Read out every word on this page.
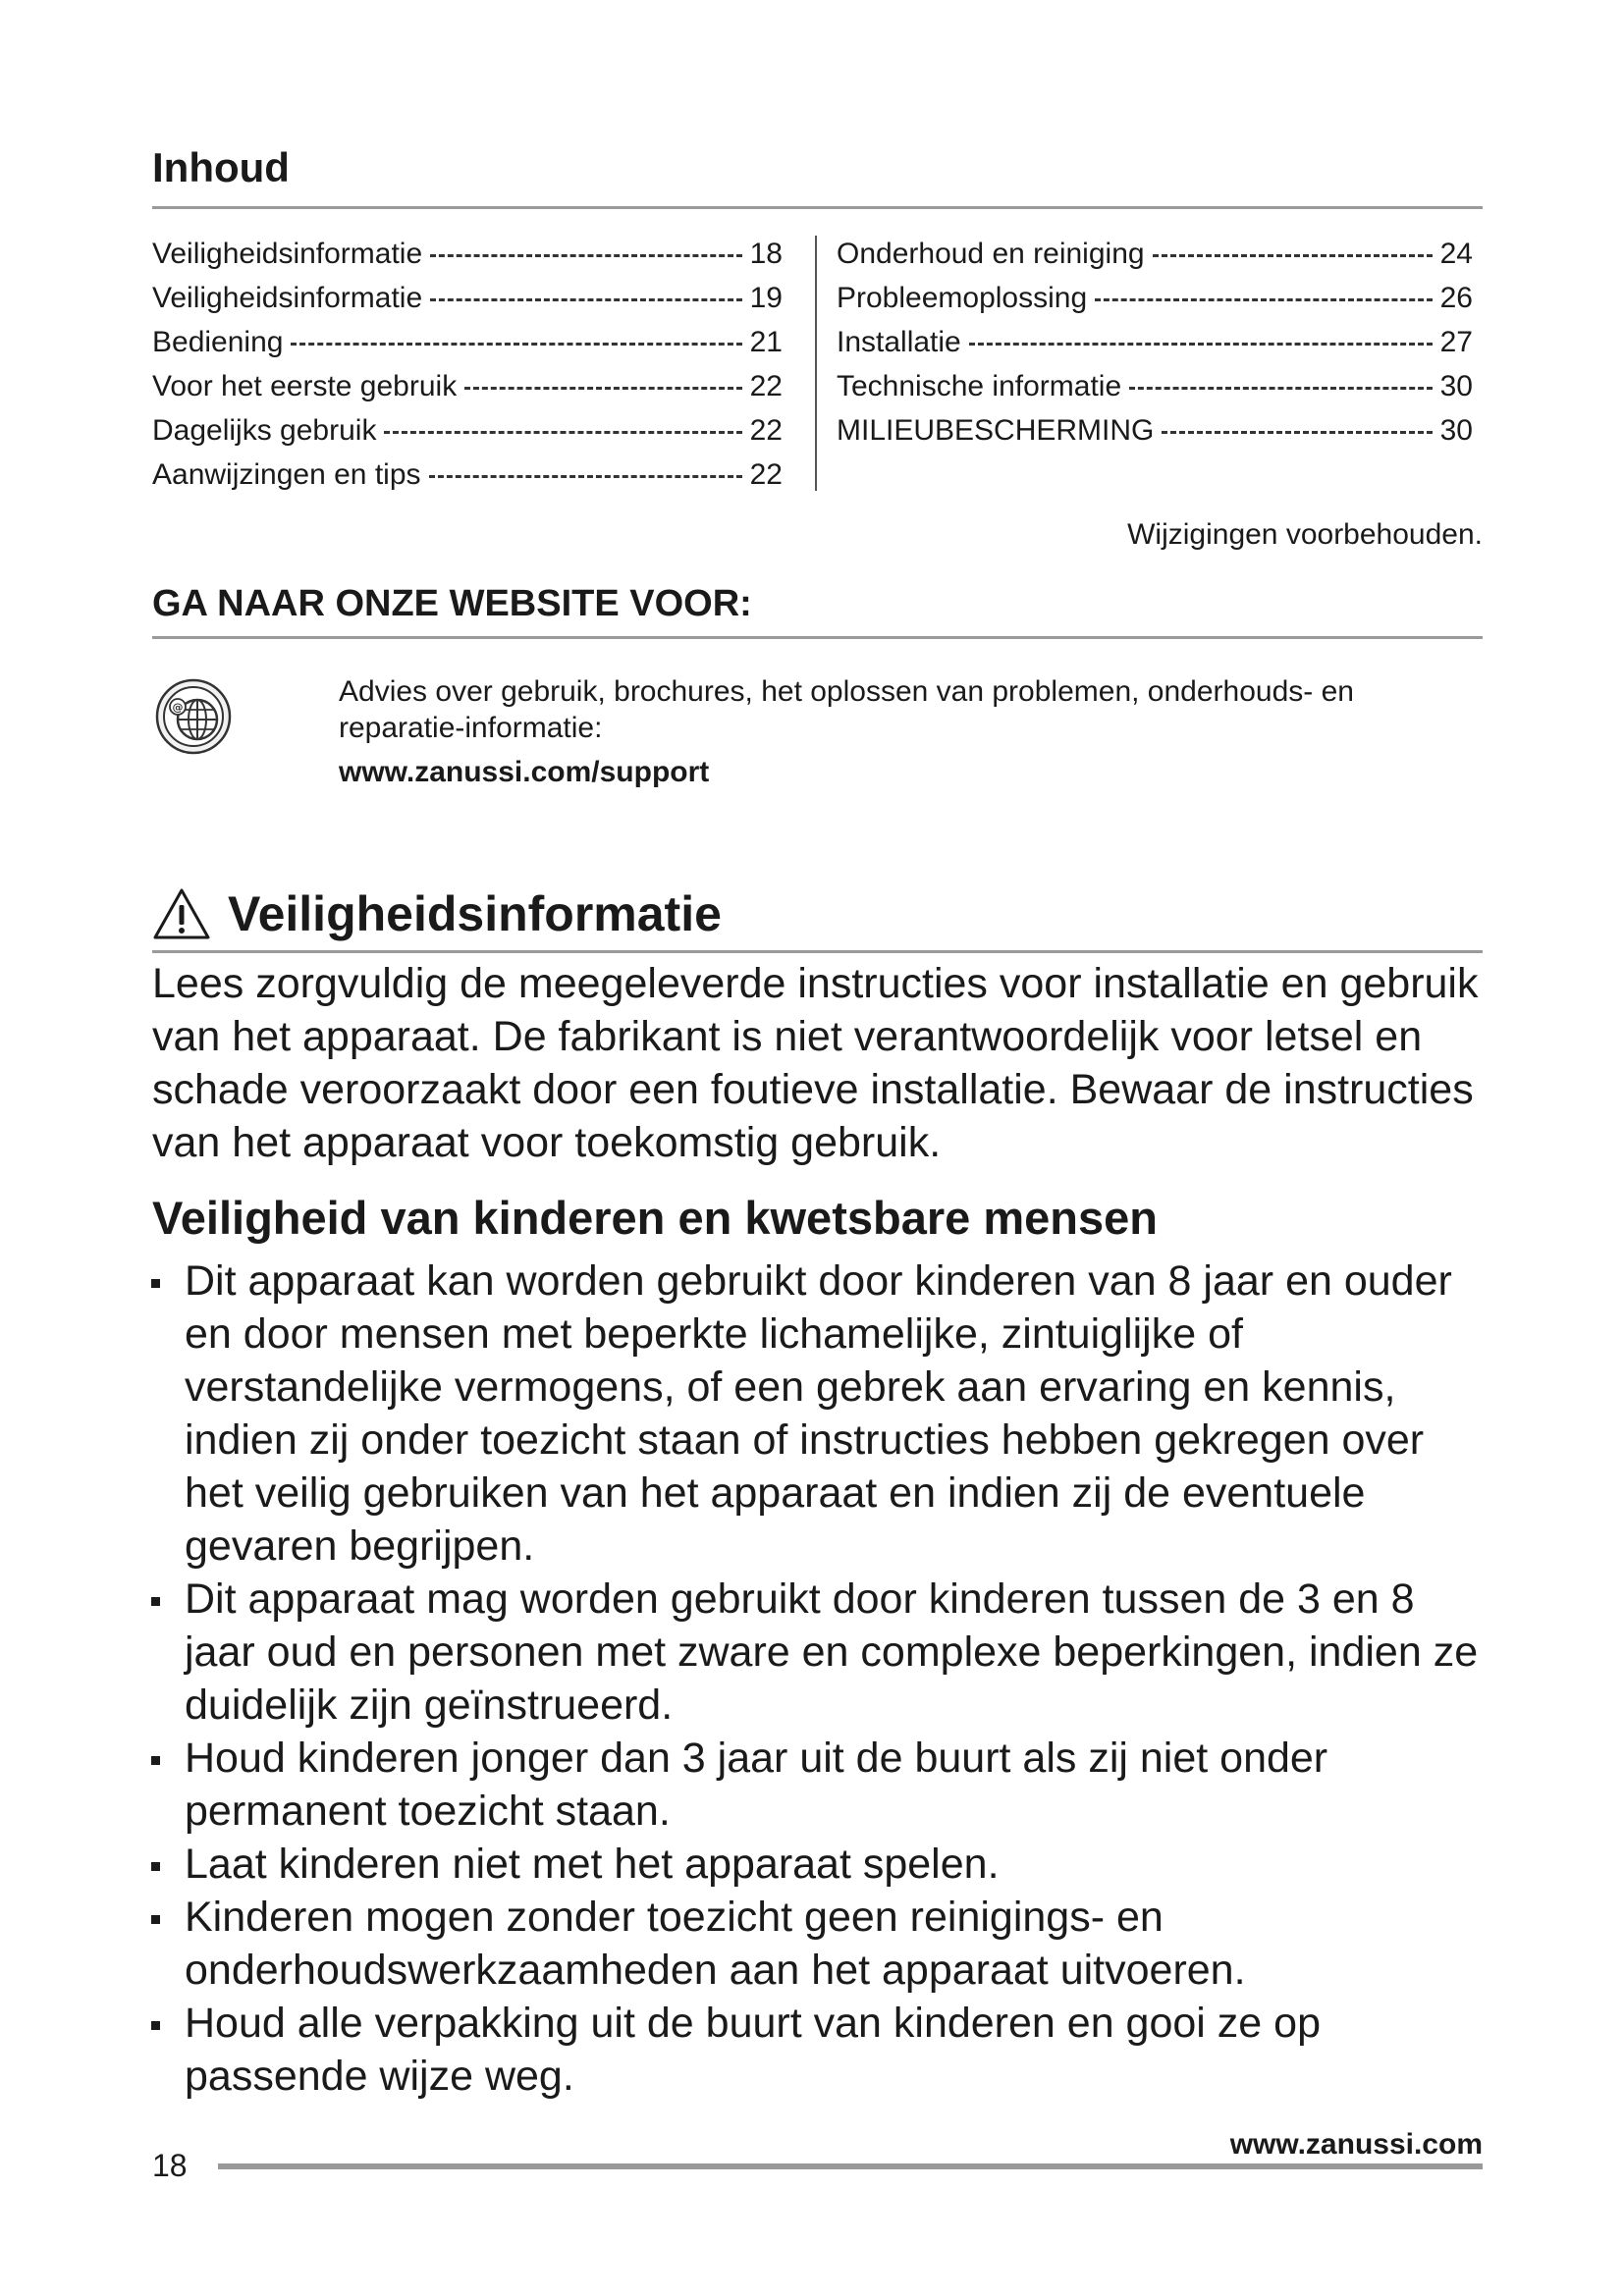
Inhoud
Veiligheidsinformatie	18
Veiligheidsinformatie	19
Bediening	21
Voor het eerste gebruik	22
Dagelijks gebruik	22
Aanwijzingen en tips	22
Onderhoud en reiniging	24
Probleemoplossing	26
Installatie	27
Technische informatie	30
MILIEUBESCHERMING	30
Wijzigingen voorbehouden.
GA NAAR ONZE WEBSITE VOOR:
@	Advies over gebruik, brochures, het oplossen van problemen, onderhouds- en reparatie-informatie:
www.zanussi.com/support
Veiligheidsinformatie
Lees zorgvuldig de meegeleverde instructies voor installatie en gebruik van het apparaat. De fabrikant is niet verantwoordelijk voor letsel en schade veroorzaakt door een foutieve installatie. Bewaar de instructies van het apparaat voor toekomstig gebruik.
Veiligheid van kinderen en kwetsbare mensen
Dit apparaat kan worden gebruikt door kinderen van 8 jaar en ouder en door mensen met beperkte lichamelijke, zintuiglijke of verstandelijke vermogens, of een gebrek aan ervaring en kennis, indien zij onder toezicht staan of instructies hebben gekregen over het veilig gebruiken van het apparaat en indien zij de eventuele gevaren begrijpen.
Dit apparaat mag worden gebruikt door kinderen tussen de 3 en 8 jaar oud en personen met zware en complexe beperkingen, indien ze duidelijk zijn geïnstrueerd.
Houd kinderen jonger dan 3 jaar uit de buurt als zij niet onder permanent toezicht staan.
Laat kinderen niet met het apparaat spelen.
Kinderen mogen zonder toezicht geen reinigings- en onderhoudswerkzaamheden aan het apparaat uitvoeren.
Houd alle verpakking uit de buurt van kinderen en gooi ze op passende wijze weg.
18
www.zanussi.com
